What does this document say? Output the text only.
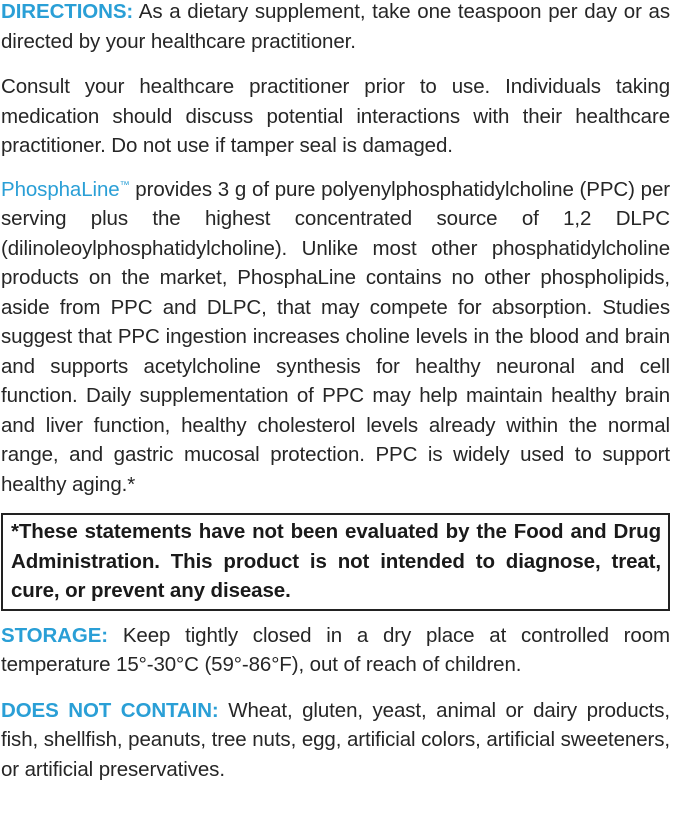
DIRECTIONS: As a dietary supplement, take one teaspoon per day or as directed by your healthcare practitioner.

Consult your healthcare practitioner prior to use. Individuals taking medication should discuss potential interactions with their healthcare practitioner. Do not use if tamper seal is damaged.

PhosphaLine™ provides 3 g of pure polyenylphosphatidylcholine (PPC) per serving plus the highest concentrated source of 1,2 DLPC (dilinoleoylphosphatidylcholine). Unlike most other phosphatidylcholine products on the market, PhosphaLine contains no other phospholipids, aside from PPC and DLPC, that may compete for absorption. Studies suggest that PPC ingestion increases choline levels in the blood and brain and supports acetylcholine synthesis for healthy neuronal and cell function. Daily supplementation of PPC may help maintain healthy brain and liver function, healthy cholesterol levels already within the normal range, and gastric mucosal protection. PPC is widely used to support healthy aging.*

*These statements have not been evaluated by the Food and Drug Administration. This product is not intended to diagnose, treat, cure, or prevent any disease.

STORAGE: Keep tightly closed in a dry place at controlled room temperature 15°-30°C (59°-86°F), out of reach of children.

DOES NOT CONTAIN: Wheat, gluten, yeast, animal or dairy products, fish, shellfish, peanuts, tree nuts, egg, artificial colors, artificial sweeteners, or artificial preservatives.
